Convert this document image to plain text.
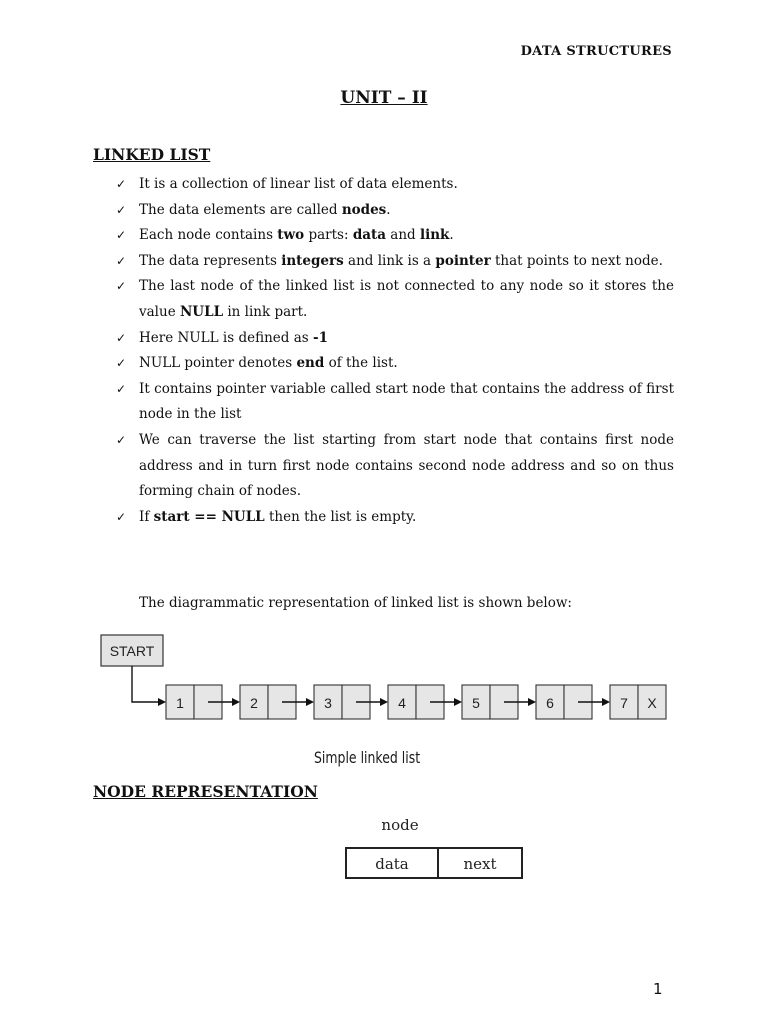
DATA STRUCTURES
UNIT – II
LINKED LIST
✓ It is a collection of linear list of data elements.
✓ The data elements are called nodes.
✓ Each node contains two parts: data and link.
✓ The data represents integers and link is a pointer that points to next node.
✓ The last node of the linked list is not connected to any node so it stores the value NULL in link part.
✓ Here NULL is defined as -1
✓ NULL pointer denotes end of the list.
✓ It contains pointer variable called start node that contains the address of first node in the list
✓ We can traverse the list starting from start node that contains first node address and in turn first node contains second node address and so on thus forming chain of nodes.
✓ If start == NULL then the list is empty.
The diagrammatic representation of linked list is shown below:
START
1	2	3	4	5	6	7 X
Simple linked list
NODE REPRESENTATION
node
data	next
1
